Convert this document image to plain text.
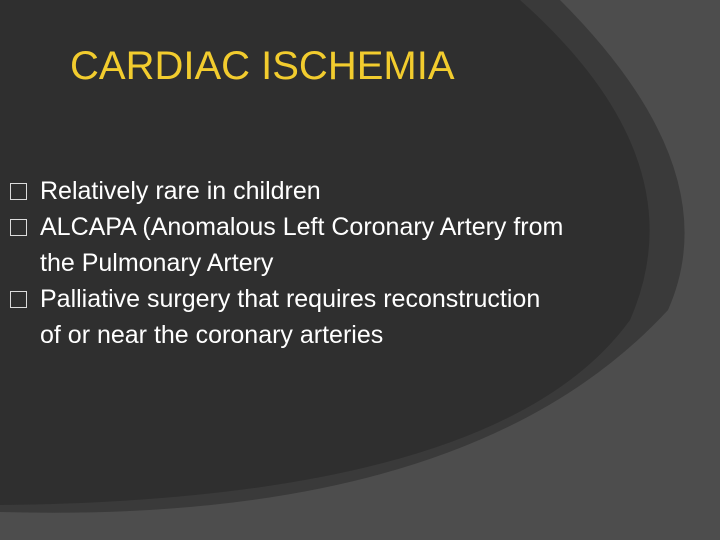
CARDIAC ISCHEMIA
Relatively rare in children
ALCAPA (Anomalous Left Coronary Artery from the Pulmonary Artery
Palliative surgery that requires reconstruction of or near the coronary arteries
